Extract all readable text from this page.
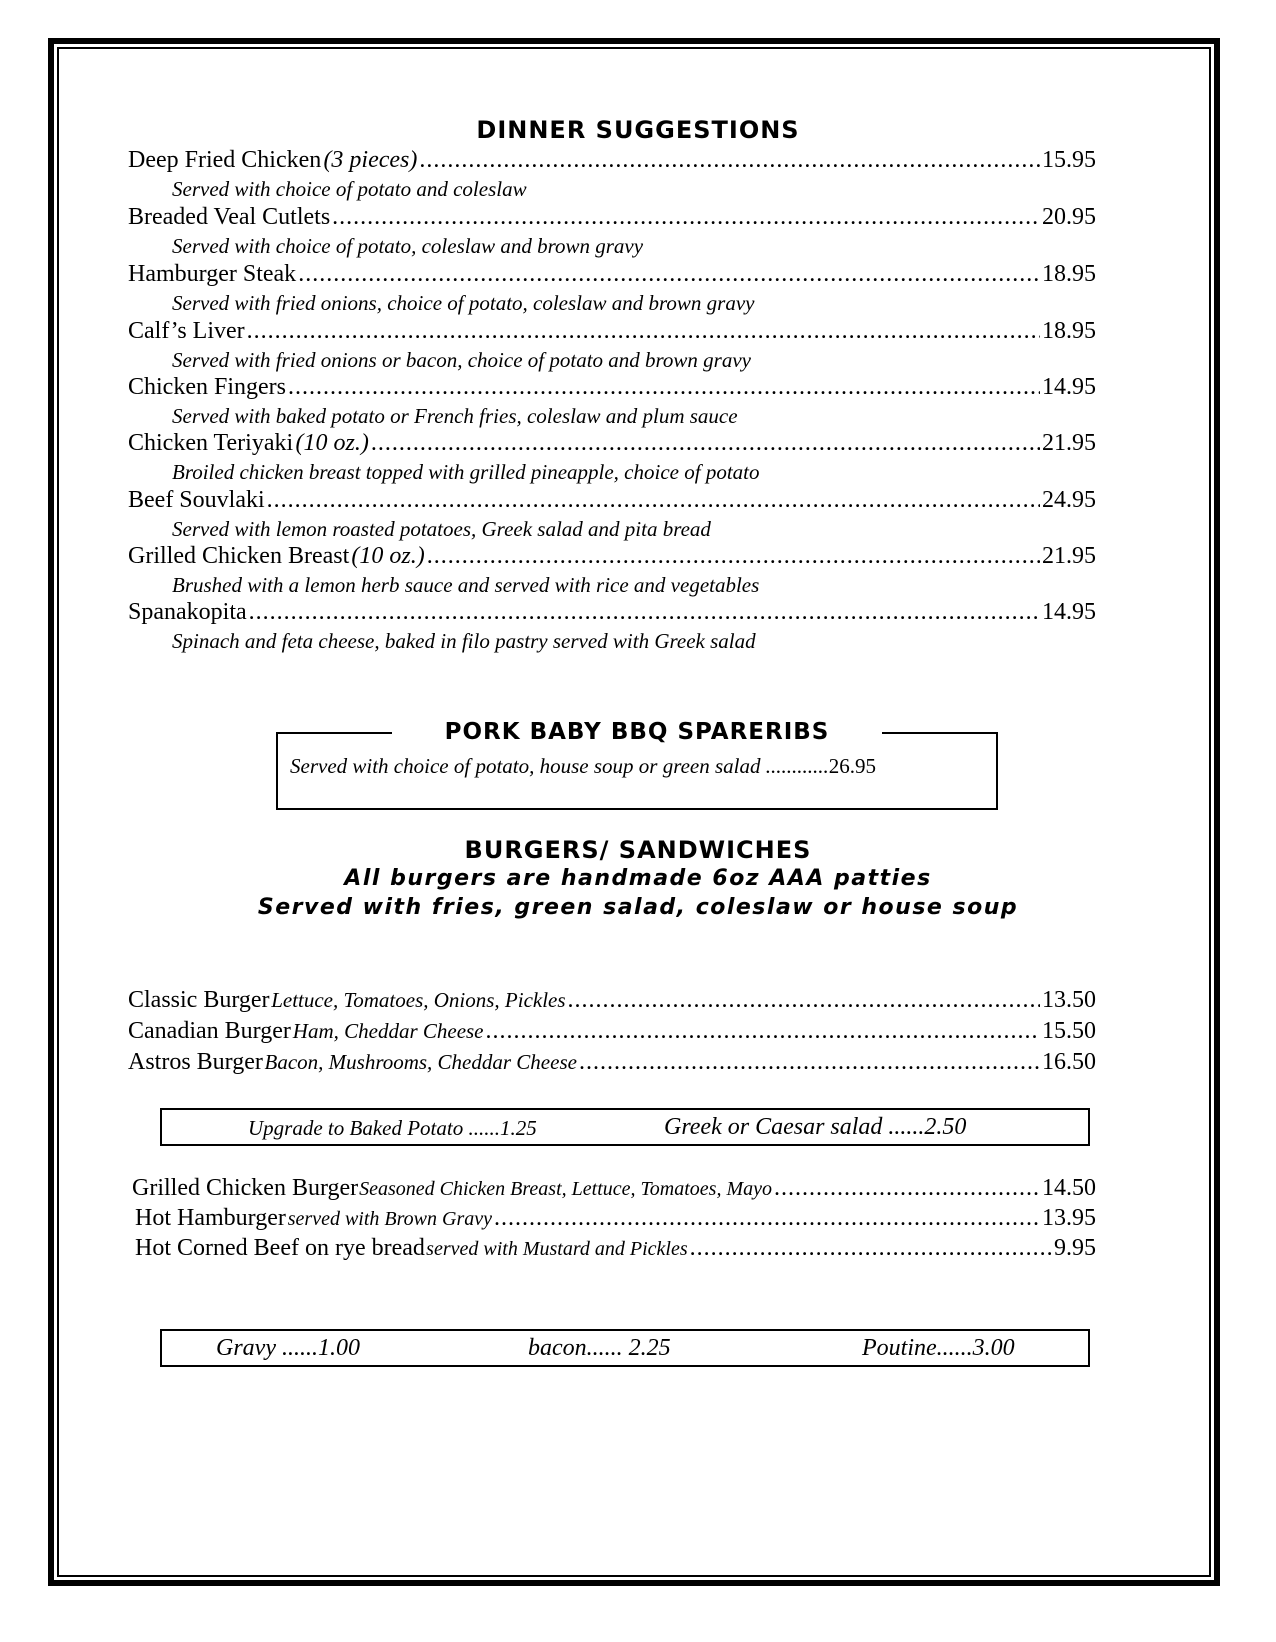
DINNER SUGGESTIONS
Deep Fried Chicken (3 pieces) .....	15.95
Served with choice of potato and coleslaw
Breaded Veal Cutlets .....	20.95
Served with choice of potato, coleslaw and brown gravy
Hamburger Steak .....	18.95
Served with fried onions, choice of potato, coleslaw and brown gravy
Calf’s Liver .....	18.95
Served with fried onions or bacon, choice of potato and brown gravy
Chicken Fingers .....	14.95
Served with baked potato or French fries, coleslaw and plum sauce
Chicken Teriyaki (10 oz.) .....	21.95
Broiled chicken breast topped with grilled pineapple, choice of potato
Beef Souvlaki .....	24.95
Served with lemon roasted potatoes, Greek salad and pita bread
Grilled Chicken Breast (10 oz.) .....	21.95
Brushed with a lemon herb sauce and served with rice and vegetables
Spanakopita .....	14.95
Spinach and feta cheese, baked in filo pastry served with Greek salad
PORK BABY BBQ SPARERIBS
Served with choice of potato, house soup or green salad ............26.95
BURGERS/ SANDWICHES
All burgers are handmade 6oz AAA patties
Served with fries, green salad, coleslaw or house soup
Classic Burger Lettuce, Tomatoes, Onions, Pickles .....	13.50
Canadian Burger Ham, Cheddar Cheese .....	15.50
Astros Burger Bacon, Mushrooms, Cheddar Cheese .....	16.50
Upgrade to Baked Potato ......1.25	Greek or Caesar salad ......2.50
Grilled Chicken Burger Seasoned Chicken Breast, Lettuce, Tomatoes, Mayo .....	14.50
Hot Hamburger served with Brown Gravy .....	13.95
Hot Corned Beef on rye bread served with Mustard and Pickles .....	9.95
Gravy ......1.00	bacon...... 2.25	Poutine......3.00
